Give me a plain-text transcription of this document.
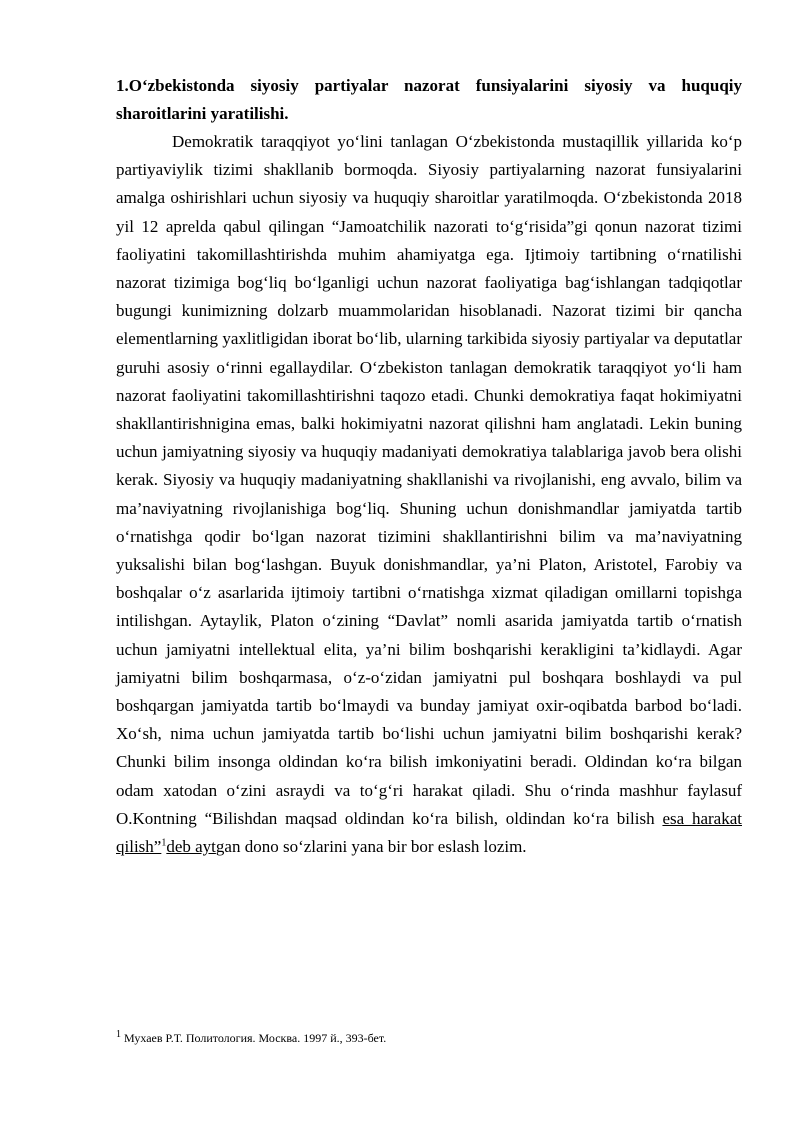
1.O‘zbekistonda siyosiy partiyalar nazorat funsiyalarini siyosiy va huquqiy sharoitlarini yaratilishi.

Demokratik taraqqiyot yo‘lini tanlagan O‘zbekistonda mustaqillik yillarida ko‘p partiyaviylik tizimi shakllanib bormoqda. Siyosiy partiyalarning nazorat funsiyalarini amalga oshirishlari uchun siyosiy va huquqiy sharoitlar yaratilmoqda. O‘zbekistonda 2018 yil 12 aprelda qabul qilingan “Jamoatchilik nazorati to‘g‘risida”gi qonun nazorat tizimi faoliyatini takomillashtirishda muhim ahamiyatga ega. Ijtimoiy tartibning o‘rnatilishi nazorat tizimiga bog‘liq bo‘lganligi uchun nazorat faoliyatiga bag‘ishlangan tadqiqotlar bugungi kunimizning dolzarb muammolaridan hisoblanadi. Nazorat tizimi bir qancha elementlarning yaxlitligidan iborat bo‘lib, ularning tarkibida siyosiy partiyalar va deputatlar guruhi asosiy o‘rinni egallaydilar. O‘zbekiston tanlagan demokratik taraqqiyot yo‘li ham nazorat faoliyatini takomillashtirishni taqozo etadi. Chunki demokratiya faqat hokimiyatni shakllantirishnigina emas, balki hokimiyatni nazorat qilishni ham anglatadi. Lekin buning uchun jamiyatning siyosiy va huquqiy madaniyati demokratiya talablariga javob bera olishi kerak. Siyosiy va huquqiy madaniyatning shakllanishi va rivojlanishi, eng avvalo, bilim va ma’naviyatning rivojlanishiga bog‘liq. Shuning uchun donishmandlar jamiyatda tartib o‘rnatishga qodir bo‘lgan nazorat tizimini shakllantirishni bilim va ma’naviyatning yuksalishi bilan bog‘lashgan. Buyuk donishmandlar, ya’ni Platon, Aristotel, Farobiy va boshqalar o‘z asarlarida ijtimoiy tartibni o‘rnatishga xizmat qiladigan omillarni topishga intilishgan. Aytaylik, Platon o‘zining “Davlat” nomli asarida jamiyatda tartib o‘rnatish uchun jamiyatni intellektual elita, ya’ni bilim boshqarishi kerakligini ta’kidlaydi. Agar jamiyatni bilim boshqarmasa, o‘z-o‘zidan jamiyatni pul boshqara boshlaydi va pul boshqargan jamiyatda tartib bo‘lmaydi va bunday jamiyat oxir-oqibatda barbod bo‘ladi. Xo‘sh, nima uchun jamiyatda tartib bo‘lishi uchun jamiyatni bilim boshqarishi kerak? Chunki bilim insonga oldindan ko‘ra bilish imkoniyatini beradi. Oldindan ko‘ra bilgan odam xatodan o‘zini asraydi va to‘g‘ri harakat qiladi. Shu o‘rinda mashhur faylasuf O.Kontning “Bilishdan maqsad oldindan ko‘ra bilish, oldindan ko‘ra bilish esa harakat qilish”$^1$deb aytgan dono so‘zlarini yana bir bor eslash lozim.

$^1$ Мухаев Р.Т. Политология. Москва. 1997 й., 393-бет.
